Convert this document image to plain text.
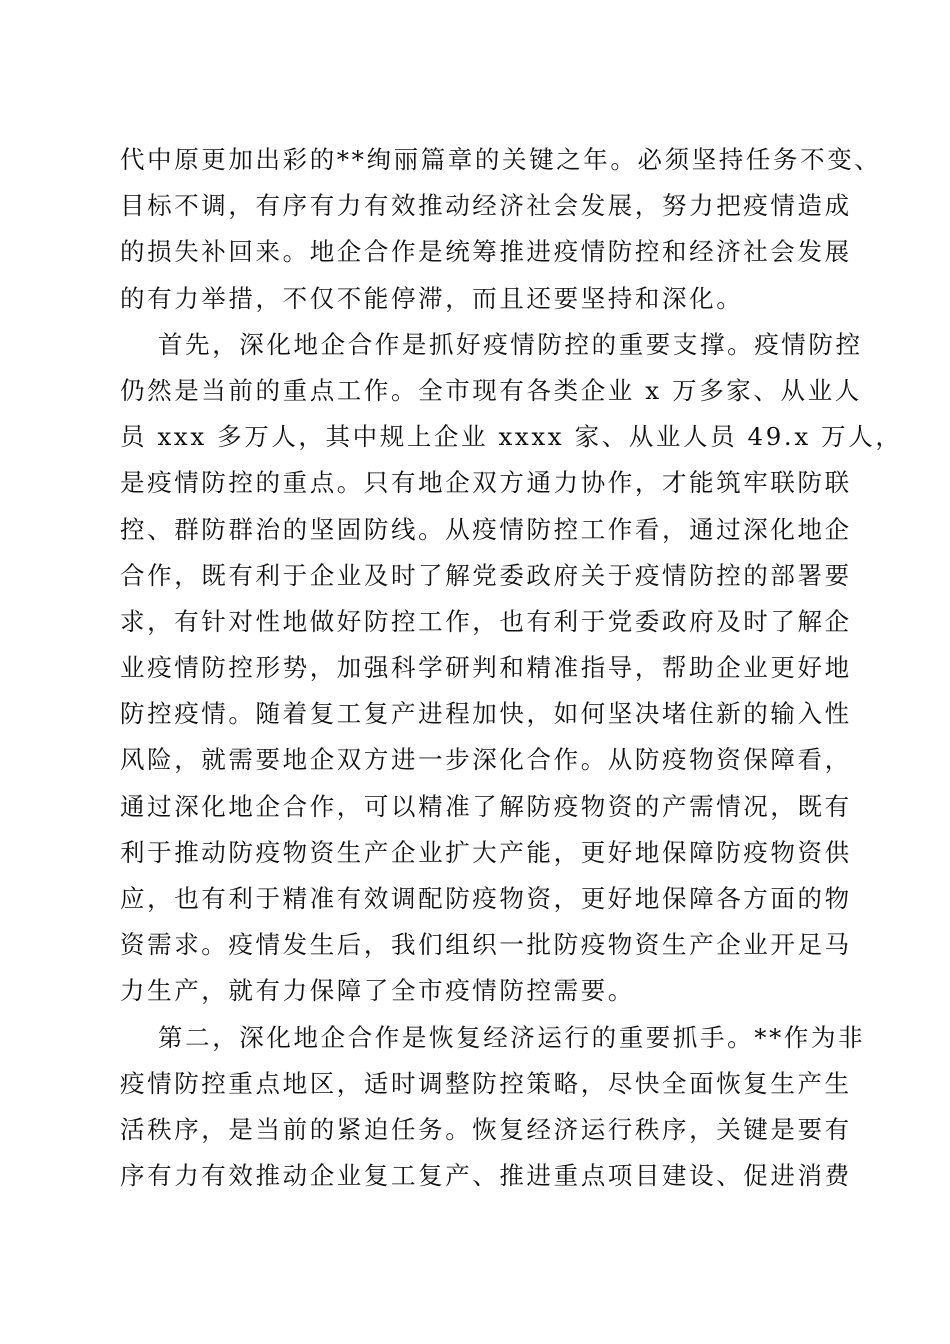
代中原更加出彩的**绚丽篇章的关键之年。必须坚持任务不变、
目标不调，有序有力有效推动经济社会发展，努力把疫情造成
的损失补回来。地企合作是统筹推进疫情防控和经济社会发展
的有力举措，不仅不能停滞，而且还要坚持和深化。
首先，深化地企合作是抓好疫情防控的重要支撑。疫情防控
仍然是当前的重点工作。全市现有各类企业 x 万多家、从业人
员 xxx 多万人，其中规上企业 xxxx 家、从业人员 49.x 万人，
是疫情防控的重点。只有地企双方通力协作，才能筑牢联防联
控、群防群治的坚固防线。从疫情防控工作看，通过深化地企
合作，既有利于企业及时了解党委政府关于疫情防控的部署要
求，有针对性地做好防控工作，也有利于党委政府及时了解企
业疫情防控形势，加强科学研判和精准指导，帮助企业更好地
防控疫情。随着复工复产进程加快，如何坚决堵住新的输入性
风险，就需要地企双方进一步深化合作。从防疫物资保障看，
通过深化地企合作，可以精准了解防疫物资的产需情况，既有
利于推动防疫物资生产企业扩大产能，更好地保障防疫物资供
应，也有利于精准有效调配防疫物资，更好地保障各方面的物
资需求。疫情发生后，我们组织一批防疫物资生产企业开足马
力生产，就有力保障了全市疫情防控需要。
第二，深化地企合作是恢复经济运行的重要抓手。**作为非
疫情防控重点地区，适时调整防控策略，尽快全面恢复生产生
活秩序，是当前的紧迫任务。恢复经济运行秩序，关键是要有
序有力有效推动企业复工复产、推进重点项目建设、促进消费
